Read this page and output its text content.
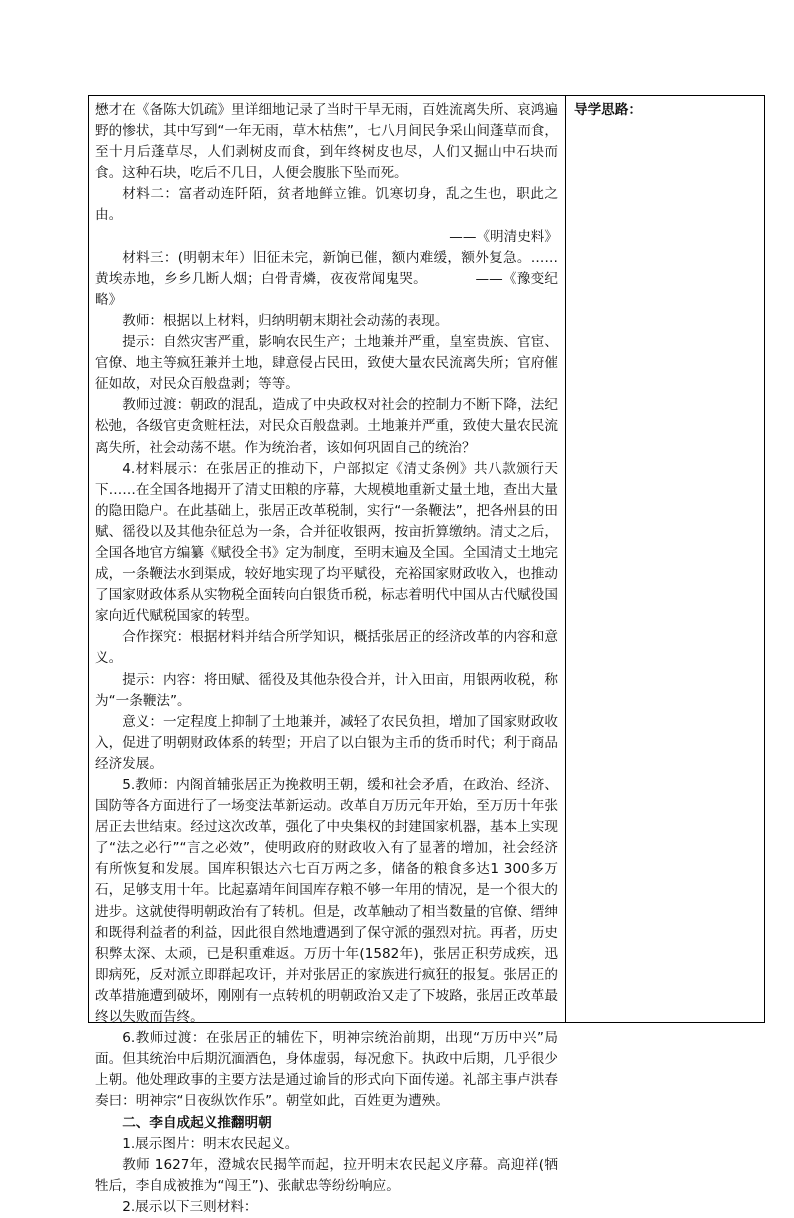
懋才在《备陈大饥疏》里详细地记录了当时干旱无雨，百姓流离失所、哀鸿遍野的惨状，其中写到“一年无雨，草木枯焦”，七八月间民争采山间蓬草而食，至十月后蓬草尽，人们剥树皮而食，到年终树皮也尽，人们又掘山中石块而食。这种石块，吃后不几日，人便会腹胀下坠而死。

材料二：富者动连阡陌，贫者地鲜立锥。饥寒切身，乱之生也，职此之由。

——《明清史料》

材料三：(明朝末年）旧征未完，新饷已催，额内难缓，额外复急。……黄埃赤地，乡乡几断人烟；白骨青燐，夜夜常闻鬼哭。　　　　——《豫变纪略》

教师：根据以上材料，归纳明朝末期社会动荡的表现。

提示：自然灾害严重，影响农民生产；土地兼并严重，皇室贵族、官宦、官僚、地主等疯狂兼并土地，肆意侵占民田，致使大量农民流离失所；官府催征如故，对民众百般盘剥；等等。

教师过渡：朝政的混乱，造成了中央政权对社会的控制力不断下降，法纪松弛，各级官吏贪赃枉法，对民众百般盘剥。土地兼并严重，致使大量农民流离失所，社会动荡不堪。作为统治者，该如何巩固自己的统治？

4.材料展示：在张居正的推动下，户部拟定《清丈条例》共八款颁行天下……在全国各地揭开了清丈田粮的序幕，大规模地重新丈量土地，查出大量的隐田隐户。在此基础上，张居正改革税制，实行“一条鞭法”，把各州县的田赋、徭役以及其他杂征总为一条，合并征收银两，按亩折算缴纳。清丈之后，全国各地官方编纂《赋役全书》定为制度，至明末遍及全国。全国清丈土地完成，一条鞭法水到渠成，较好地实现了均平赋役，充裕国家财政收入，也推动了国家财政体系从实物税全面转向白银货币税，标志着明代中国从古代赋役国家向近代赋税国家的转型。

合作探究：根据材料并结合所学知识，概括张居正的经济改革的内容和意义。

提示：内容：将田赋、徭役及其他杂役合并，计入田亩，用银两收税，称为“一条鞭法”。

意义：一定程度上抑制了土地兼并，减轻了农民负担，增加了国家财政收入，促进了明朝财政体系的转型；开启了以白银为主币的货币时代；利于商品经济发展。

5.教师：内阁首辅张居正为挽救明王朝，缓和社会矛盾，在政治、经济、国防等各方面进行了一场变法革新运动。改革自万历元年开始，至万历十年张居正去世结束。经过这次改革，强化了中央集权的封建国家机器，基本上实现了“法之必行”“言之必效”，使明政府的财政收入有了显著的增加，社会经济有所恢复和发展。国库积银达六七百万两之多，储备的粮食多达1 300多万石，足够支用十年。比起嘉靖年间国库存粮不够一年用的情况，是一个很大的进步。这就使得明朝政治有了转机。但是，改革触动了相当数量的官僚、缙绅和既得利益者的利益，因此很自然地遭遇到了保守派的强烈对抗。再者，历史积弊太深、太顽，已是积重难返。万历十年(1582年)，张居正积劳成疾，迅即病死，反对派立即群起攻讦，并对张居正的家族进行疯狂的报复。张居正的改革措施遭到破坏，刚刚有一点转机的明朝政治又走了下坡路，张居正改革最终以失败而告终。

6.教师过渡：在张居正的辅佐下，明神宗统治前期，出现“万历中兴”局面。但其统治中后期沉湎酒色，身体虚弱，每况愈下。执政中后期，几乎很少上朝。他处理政事的主要方法是通过谕旨的形式向下面传递。礼部主事卢洪春奏曰：明神宗“日夜纵饮作乐”。朝堂如此，百姓更为遭殃。

二、李自成起义推翻明朝

1.展示图片：明末农民起义。

教师 1627年，澄城农民揭竿而起，拉开明末农民起义序幕。高迎祥(牺牲后，李自成被推为“闯王”)、张献忠等纷纷响应。

2.展示以下三则材料：

导学思路：
